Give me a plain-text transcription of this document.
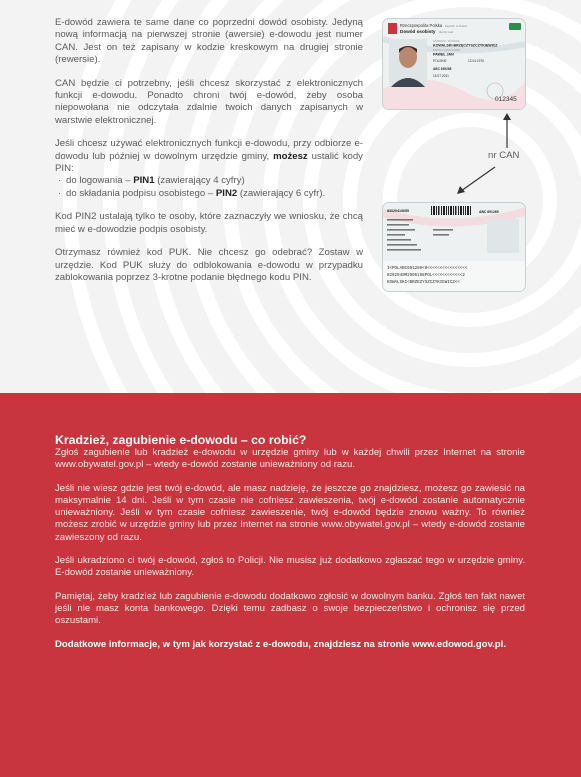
E-dowód zawiera te same dane co poprzedni dowód osobisty. Jedyną nową informacją na pierwszej stronie (awersie) e-dowodu jest numer CAN. Jest on też zapisany w kodzie kreskowym na drugiej stronie (rewersie).

CAN będzie ci potrzebny, jeśli chcesz skorzystać z elektronicznych funkcji e-dowodu. Ponadto chroni twój e-dowód, żeby osoba niepowołana nie odczytała zdalnie twoich danych zapisanych w warstwie elektronicznej.

Jeśli chcesz używać elektronicznych funkcji e-dowodu, przy odbiorze e-dowodu lub później w dowolnym urzędzie gminy, możesz ustalić kody PIN:

· do logowania – PIN1 (zawierający 4 cyfry)
· do składania podpisu osobistego – PIN2 (zawierający 6 cyfr).

Kod PIN2 ustalają tylko te osoby, które zaznaczyły we wniosku, że chcą mieć w e-dowodzie podpis osobisty.

Otrzymasz również kod PUK. Nie chcesz go odebrać? Zostaw w urzędzie. Kod PUK służy do odblokowania e-dowodu w przypadku zablokowania poprzez 3-krotne podanie błędnego kodu PIN.

Rzeczpospolita Polska Republic of Poland
Dowód osobisty Identity card
NAZWISKO / SURNAME
KOWALSKI-BRZĘCZYSZCZYKIEWICZ
IMIONA / GIVEN NAMES
PAWEŁ JAN
POLSKIE	12.04.1976
ABC 695268
15.07.2031
012345
nr CAN
83020410655	ABC 691269
I<POLABC691269<0<<<<<<<<<<<<<<<<
8202040M2905198POL<<<<<<<<<<<<2
KOWALSKI<BRZEZYSZCZYKIEWICZ<<
Kradzież, zagubienie e-dowodu – co robić?

Zgłoś zagubienie lub kradzież e-dowodu w urzędzie gminy lub w każdej chwili przez Internet na stronie www.obywatel.gov.pl – wtedy e-dowód zostanie unieważniony od razu.

Jeśli nie wiesz gdzie jest twój e-dowód, ale masz nadzieję, że jeszcze go znajdziesz, możesz go zawiesić na maksymalnie 14 dni. Jeśli w tym czasie nie cofniesz zawieszenia, twój e-dowód zostanie automatycznie unieważniony. Jeśli w tym czasie cofniesz zawieszenie, twój e-dowód będzie znowu ważny. To również możesz zrobić w urzędzie gminy lub przez Internet na stronie www.obywatel.gov.pl – wtedy e-dowód zostanie zawieszony od razu.

Jeśli ukradziono ci twój e-dowód, zgłoś to Policji. Nie musisz już dodatkowo zgłaszać tego w urzędzie gminy. E-dowód zostanie unieważniony.

Pamiętaj, żeby kradzież lub zagubienie e-dowodu dodatkowo zgłosić w dowolnym banku. Zgłoś ten fakt nawet jeśli nie masz konta bankowego. Dzięki temu zadbasz o swoje bezpieczeństwo i ochronisz się przed oszustami.

Dodatkowe informacje, w tym jak korzystać z e-dowodu, znajdziesz na stronie www.edowod.gov.pl.
